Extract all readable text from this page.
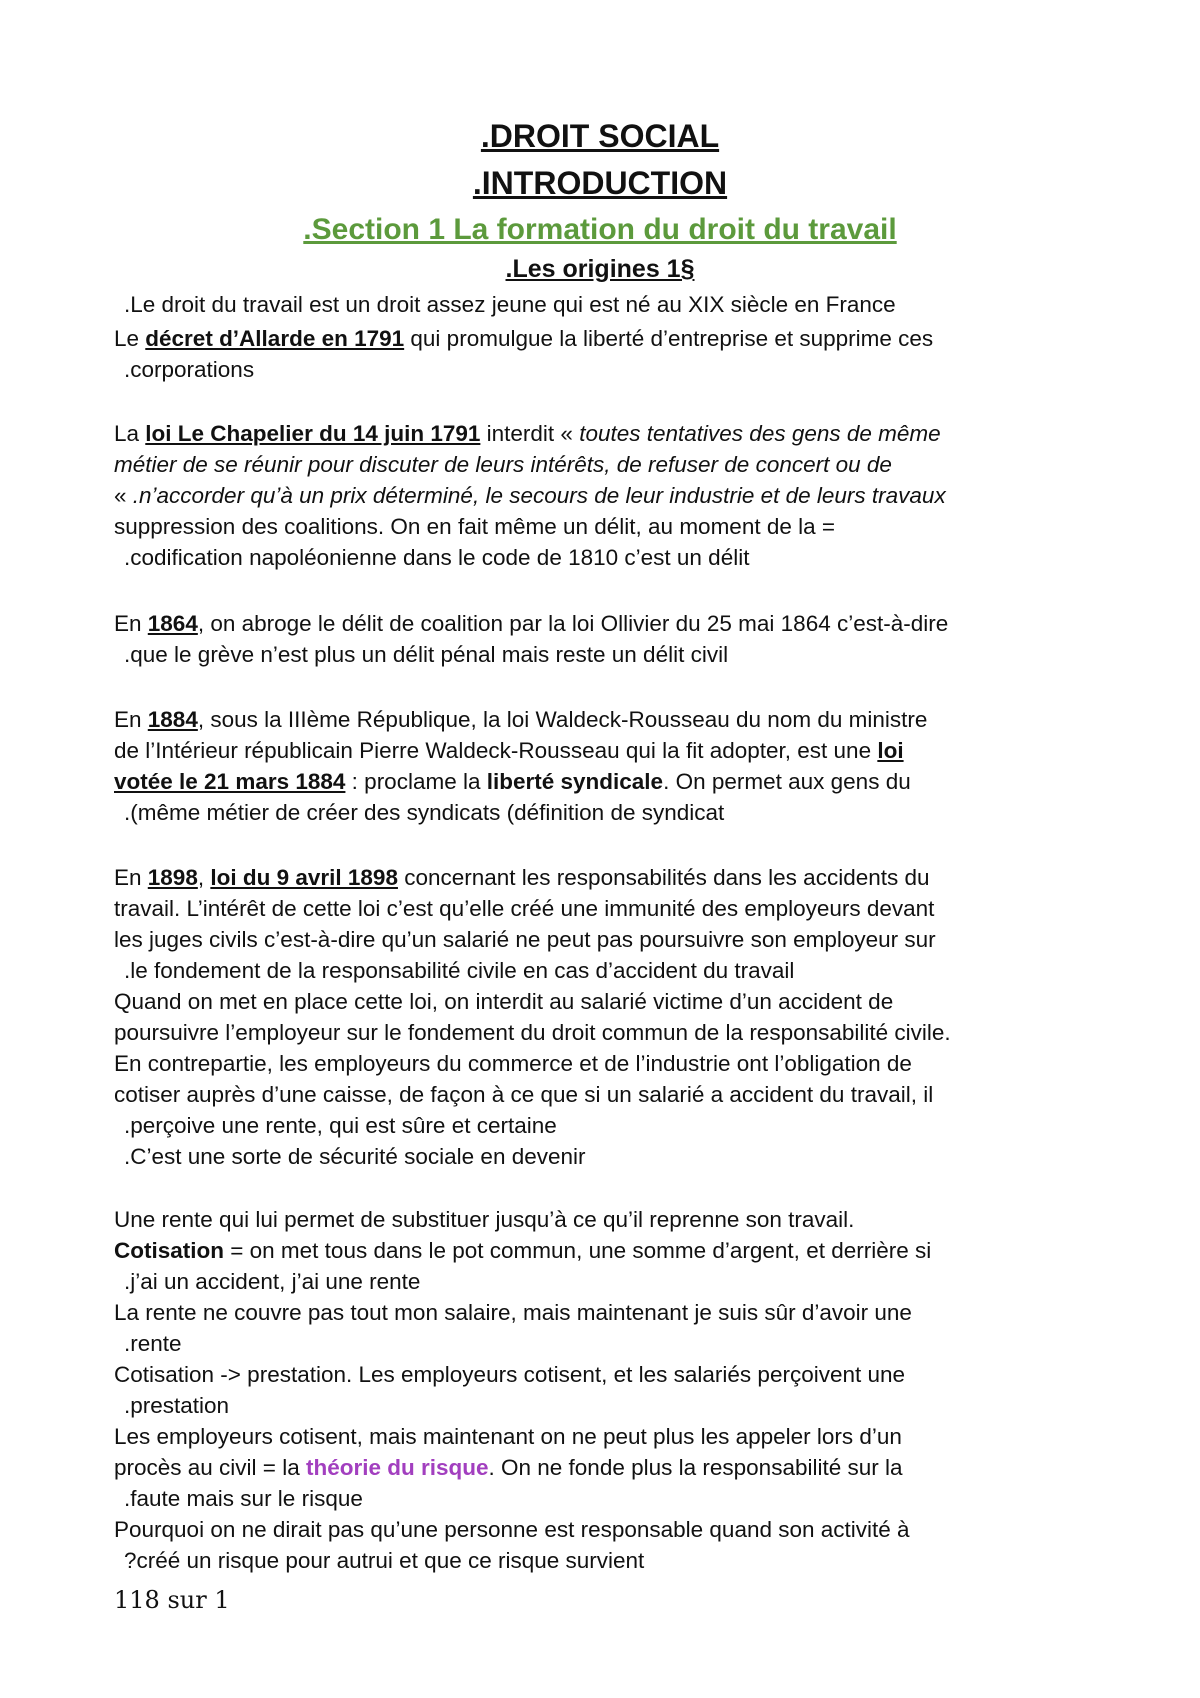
.DROIT SOCIAL
.INTRODUCTION
.Section 1 La formation du droit du travail
.Les origines 1§
.Le droit du travail est un droit assez jeune qui est né au XIX siècle en France
Le décret d’Allarde en 1791 qui promulgue la liberté d’entreprise et supprime ces
.corporations
La loi Le Chapelier du 14 juin 1791 interdit « toutes tentatives des gens de même
métier de se réunir pour discuter de leurs intérêts, de refuser de concert ou de
« .n’accorder qu’à un prix déterminé, le secours de leur industrie et de leurs travaux
suppression des coalitions. On en fait même un délit, au moment de la =
.codification napoléonienne dans le code de 1810 c’est un délit
En 1864, on abroge le délit de coalition par la loi Ollivier du 25 mai 1864 c’est-à-dire
.que le grève n’est plus un délit pénal mais reste un délit civil
En 1884, sous la IIIème République, la loi Waldeck-Rousseau du nom du ministre
de l’Intérieur républicain Pierre Waldeck-Rousseau qui la fit adopter, est une loi
votée le 21 mars 1884 : proclame la liberté syndicale. On permet aux gens du
.(même métier de créer des syndicats (définition de syndicat
En 1898, loi du 9 avril 1898 concernant les responsabilités dans les accidents du
travail. L’intérêt de cette loi c’est qu’elle créé une immunité des employeurs devant
les juges civils c’est-à-dire qu’un salarié ne peut pas poursuivre son employeur sur
.le fondement de la responsabilité civile en cas d’accident du travail
Quand on met en place cette loi, on interdit au salarié victime d’un accident de
poursuivre l’employeur sur le fondement du droit commun de la responsabilité civile.
En contrepartie, les employeurs du commerce et de l’industrie ont l’obligation de
cotiser auprès d’une caisse, de façon à ce que si un salarié a accident du travail, il
.perçoive une rente, qui est sûre et certaine
.C’est une sorte de sécurité sociale en devenir
Une rente qui lui permet de substituer jusqu’à ce qu’il reprenne son travail.
Cotisation = on met tous dans le pot commun, une somme d’argent, et derrière si
.j’ai un accident, j’ai une rente
La rente ne couvre pas tout mon salaire, mais maintenant je suis sûr d’avoir une
.rente
Cotisation -> prestation. Les employeurs cotisent, et les salariés perçoivent une
.prestation
Les employeurs cotisent, mais maintenant on ne peut plus les appeler lors d’un
procès au civil = la théorie du risque. On ne fonde plus la responsabilité sur la
.faute mais sur le risque
Pourquoi on ne dirait pas qu’une personne est responsable quand son activité à
?créé un risque pour autrui et que ce risque survient
118 sur 1
